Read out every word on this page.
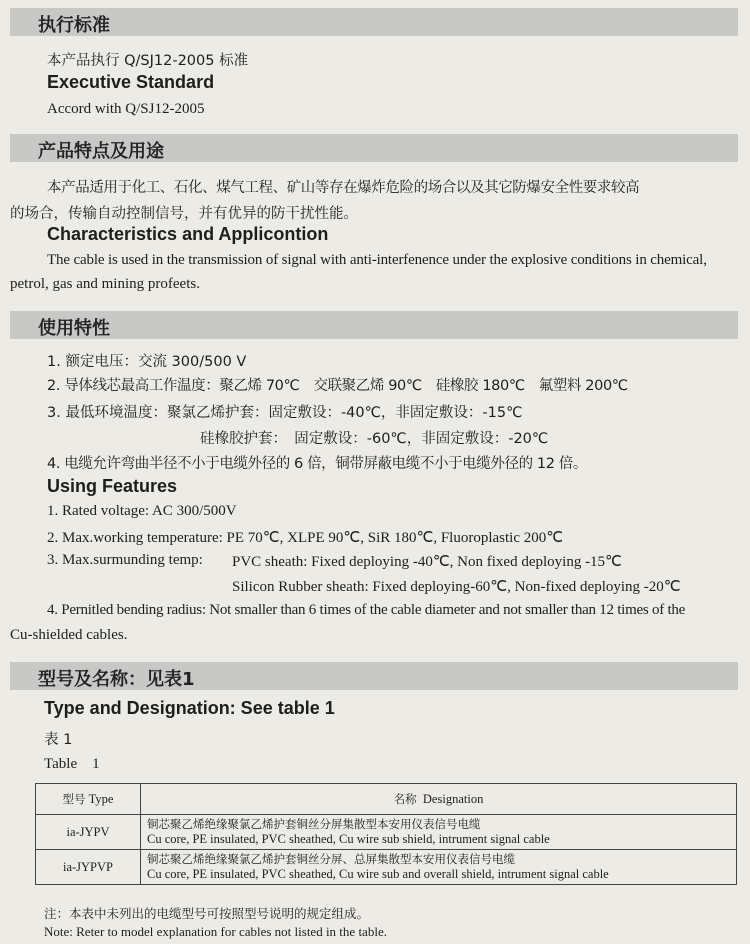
执行标准
本产品执行 Q/SJ12-2005 标准
Executive Standard
Accord with Q/SJ12-2005
产品特点及用途
本产品适用于化工、石化、煤气工程、矿山等存在爆炸危险的场合以及其它防爆安全性要求较高
的场合，传输自动控制信号，并有优异的防干扰性能。
Characteristics and Applicontion
The cable is used in the transmission of signal with anti-interfenence under the explosive conditions in chemical,
petrol, gas and mining profeets.
使用特性
1. 额定电压：交流 300/500 V
2. 导体线芯最高工作温度：聚乙烯 70℃　交联聚乙烯 90℃　硅橡胶 180℃　氟塑料 200℃
3. 最低环境温度：聚氯乙烯护套：固定敷设：-40℃，非固定敷设：-15℃
硅橡胶护套：　固定敷设：-60℃，非固定敷设：-20℃
4. 电缆允许弯曲半径不小于电缆外径的 6 倍，铜带屏蔽电缆不小于电缆外径的 12 倍。
Using Features
1. Rated voltage: AC 300/500V
2. Max.working temperature: PE 70℃, XLPE 90℃, SiR 180℃, Fluoroplastic 200℃
3. Max.surmunding temp: PVC sheath: Fixed deploying -40℃, Non fixed deploying -15℃
Silicon Rubber sheath: Fixed deploying-60℃, Non-fixed deploying -20℃
4. Pernitled bending radius: Not smaller than 6 times of the cable diameter and not smaller than 12 times of the
Cu-shielded cables.
型号及名称：见表1
Type and Designation: See table 1
表 1
Table　1
型号 Type	名称 Designation
ia-JYPV	铜芯聚乙烯绝缘聚氯乙烯护套铜丝分屏集散型本安用仪表信号电缆
Cu core, PE insulated, PVC sheathed, Cu wire sub shield, intrument signal cable

ia-JYPVP	铜芯聚乙烯绝缘聚氯乙烯护套铜丝分屏、总屏集散型本安用仪表信号电缆
Cu core, PE insulated, PVC sheathed, Cu wire sub and overall shield, intrument signal cable
注：本表中未列出的电缆型号可按照型号说明的规定组成。
Note: Reter to model explanation for cables not listed in the table.
